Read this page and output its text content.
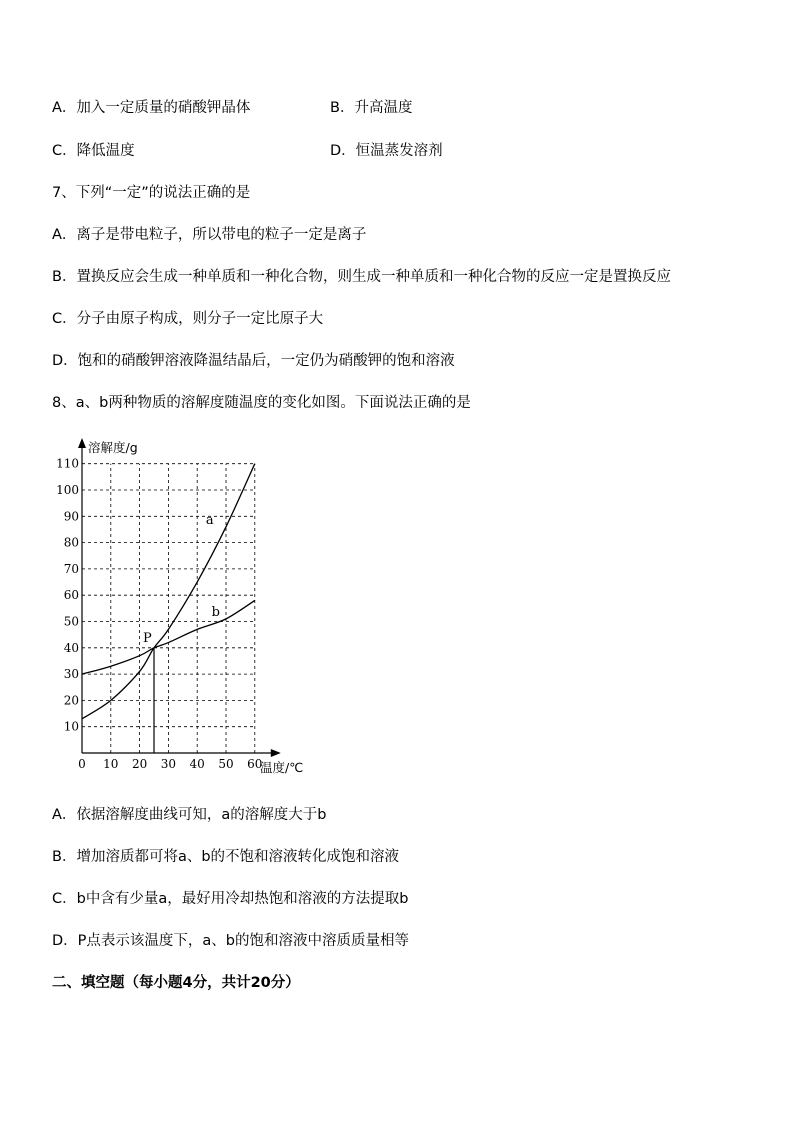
A．加入一定质量的硝酸钾晶体	B．升高温度
C．降低温度	D．恒温蒸发溶剂
7、下列“一定”的说法正确的是
A．离子是带电粒子，所以带电的粒子一定是离子
B．置换反应会生成一种单质和一种化合物，则生成一种单质和一种化合物的反应一定是置换反应
C．分子由原子构成，则分子一定比原子大
D．饱和的硝酸钾溶液降温结晶后，一定仍为硝酸钾的饱和溶液
8、a、b两种物质的溶解度随温度的变化如图。下面说法正确的是
0 10 20 30 40 50 60
10
20
30
40
50
60
70
80
90
100
110
a
b
P
溶解度/g
温度/℃
A．依据溶解度曲线可知，a的溶解度大于b
B．增加溶质都可将a、b的不饱和溶液转化成饱和溶液
C．b中含有少量a，最好用冷却热饱和溶液的方法提取b
D．P点表示该温度下，a、b的饱和溶液中溶质质量相等
二、填空题（每小题4分，共计20分）
